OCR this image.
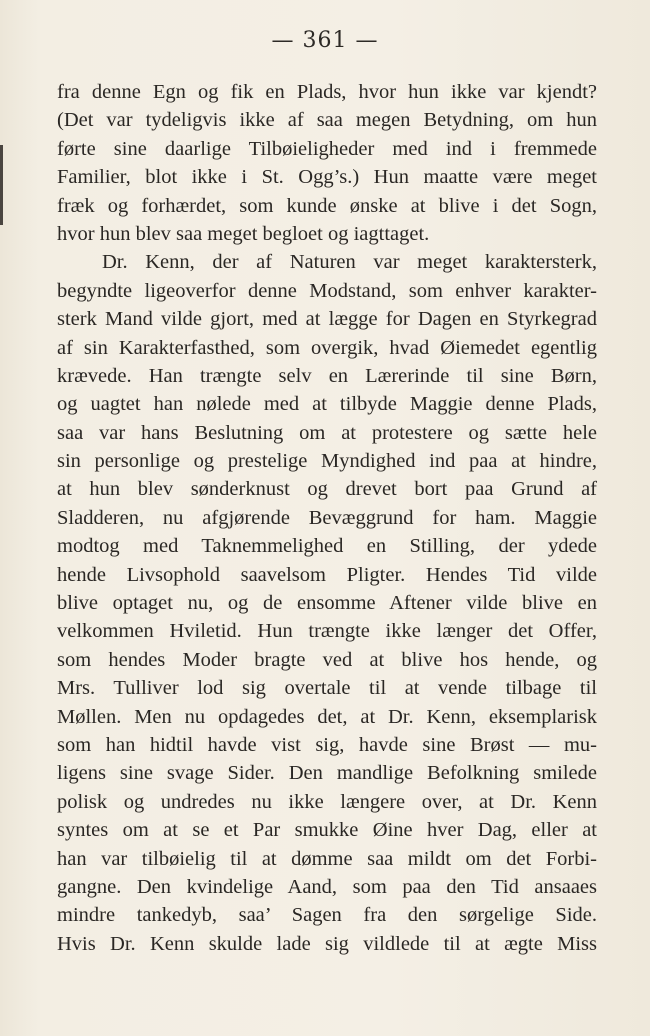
— 361 —
fra denne Egn og fik en Plads, hvor hun ikke var kjendt?
(Det var tydeligvis ikke af saa megen Betydning, om hun
førte sine daarlige Tilbøieligheder med ind i fremmede
Familier, blot ikke i St. Ogg’s.) Hun maatte være meget
fræk og forhærdet, som kunde ønske at blive i det Sogn,
hvor hun blev saa meget begloet og iagttaget.
Dr. Kenn, der af Naturen var meget karaktersterk,
begyndte ligeoverfor denne Modstand, som enhver karakter-
sterk Mand vilde gjort, med at lægge for Dagen en Styrkegrad
af sin Karakterfasthed, som overgik, hvad Øiemedet egentlig
krævede. Han trængte selv en Lærerinde til sine Børn,
og uagtet han nølede med at tilbyde Maggie denne Plads,
saa var hans Beslutning om at protestere og sætte hele
sin personlige og prestelige Myndighed ind paa at hindre,
at hun blev sønderknust og drevet bort paa Grund af
Sladderen, nu afgjørende Bevæggrund for ham. Maggie
modtog med Taknemmelighed en Stilling, der ydede
hende Livsophold saavelsom Pligter. Hendes Tid vilde
blive optaget nu, og de ensomme Aftener vilde blive en
velkommen Hviletid. Hun trængte ikke længer det Offer,
som hendes Moder bragte ved at blive hos hende, og
Mrs. Tulliver lod sig overtale til at vende tilbage til
Møllen. Men nu opdagedes det, at Dr. Kenn, eksemplarisk
som han hidtil havde vist sig, havde sine Brøst — mu-
ligens sine svage Sider. Den mandlige Befolkning smilede
polisk og undredes nu ikke længere over, at Dr. Kenn
syntes om at se et Par smukke Øine hver Dag, eller at
han var tilbøielig til at dømme saa mildt om det Forbi-
gangne. Den kvindelige Aand, som paa den Tid ansaaes
mindre tankedyb, saa’ Sagen fra den sørgelige Side.
Hvis Dr. Kenn skulde lade sig vildlede til at ægte Miss
